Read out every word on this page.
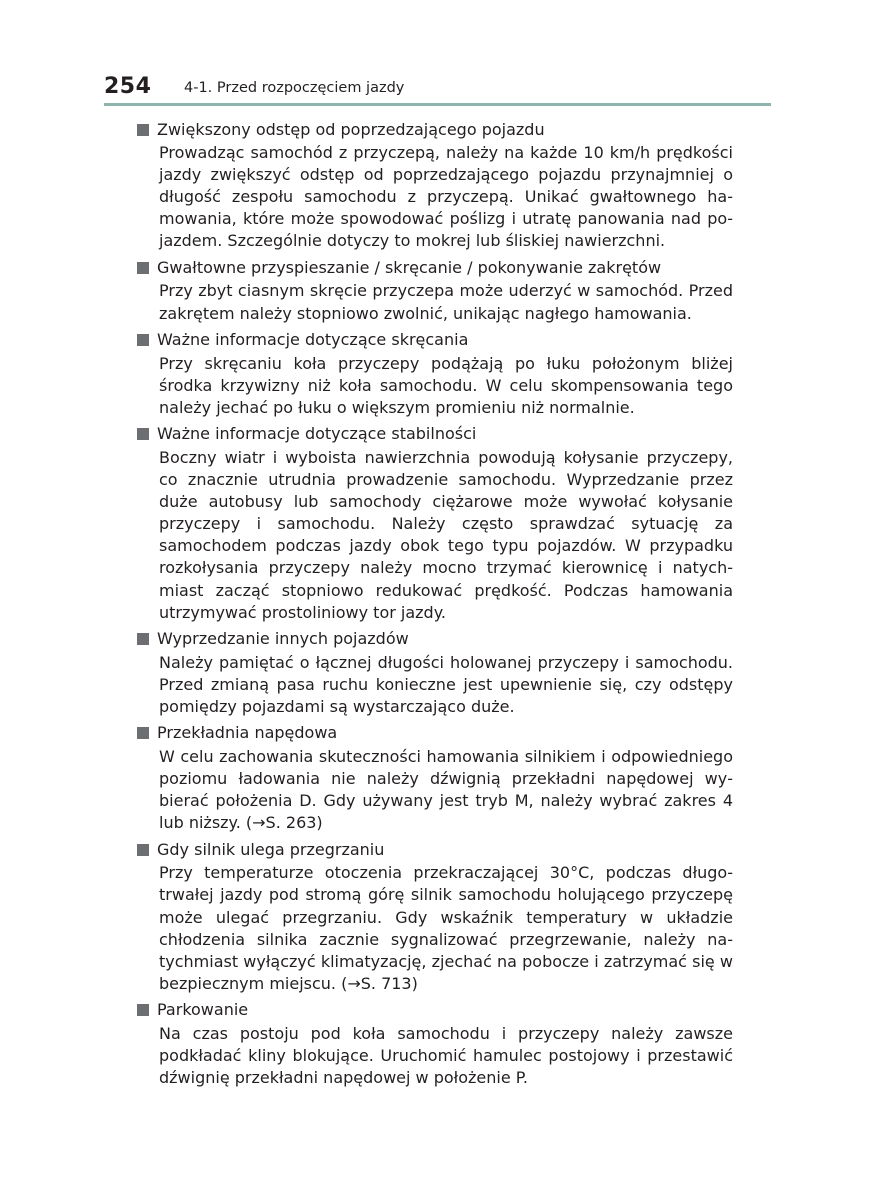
254 4-1. Przed rozpoczęciem jazdy
Zwiększony odstęp od poprzedzającego pojazdu

Prowadząc samochód z przyczepą, należy na każde 10 km/h prędkości jazdy zwiększyć odstęp od poprzedzającego pojazdu przynajmniej o długość zespołu samochodu z przyczepą. Unikać gwałtownego hamowania, które może spowodować poślizg i utratę panowania nad pojazdem. Szczególnie dotyczy to mokrej lub śliskiej nawierzchni.

Gwałtowne przyspieszanie / skręcanie / pokonywanie zakrętów

Przy zbyt ciasnym skręcie przyczepa może uderzyć w samochód. Przed zakrętem należy stopniowo zwolnić, unikając nagłego hamowania.

Ważne informacje dotyczące skręcania

Przy skręcaniu koła przyczepy podążają po łuku położonym bliżej środka krzywizny niż koła samochodu. W celu skompensowania tego należy jechać po łuku o większym promieniu niż normalnie.

Ważne informacje dotyczące stabilności

Boczny wiatr i wyboista nawierzchnia powodują kołysanie przyczepy, co znacznie utrudnia prowadzenie samochodu. Wyprzedzanie przez duże autobusy lub samochody ciężarowe może wywołać kołysanie przyczepy i samochodu. Należy często sprawdzać sytuację za samochodem podczas jazdy obok tego typu pojazdów. W przypadku rozkołysania przyczepy należy mocno trzymać kierownicę i natychmiast zacząć stopniowo redukować prędkość. Podczas hamowania utrzymywać prostoliniowy tor jazdy.

Wyprzedzanie innych pojazdów

Należy pamiętać o łącznej długości holowanej przyczepy i samochodu. Przed zmianą pasa ruchu konieczne jest upewnienie się, czy odstępy pomiędzy pojazdami są wystarczająco duże.

Przekładnia napędowa

W celu zachowania skuteczności hamowania silnikiem i odpowiedniego poziomu ładowania nie należy dźwignią przekładni napędowej wybierać położenia D. Gdy używany jest tryb M, należy wybrać zakres 4 lub niższy. (→S. 263)

Gdy silnik ulega przegrzaniu

Przy temperaturze otoczenia przekraczającej 30°C, podczas długotrwałej jazdy pod stromą górę silnik samochodu holującego przyczepę może ulegać przegrzaniu. Gdy wskaźnik temperatury w układzie chłodzenia silnika zacznie sygnalizować przegrzewanie, należy natychmiast wyłączyć klimatyzację, zjechać na pobocze i zatrzymać się w bezpiecznym miejscu. (→S. 713)

Parkowanie

Na czas postoju pod koła samochodu i przyczepy należy zawsze podkładać kliny blokujące. Uruchomić hamulec postojowy i przestawić dźwignię przekładni napędowej w położenie P.
